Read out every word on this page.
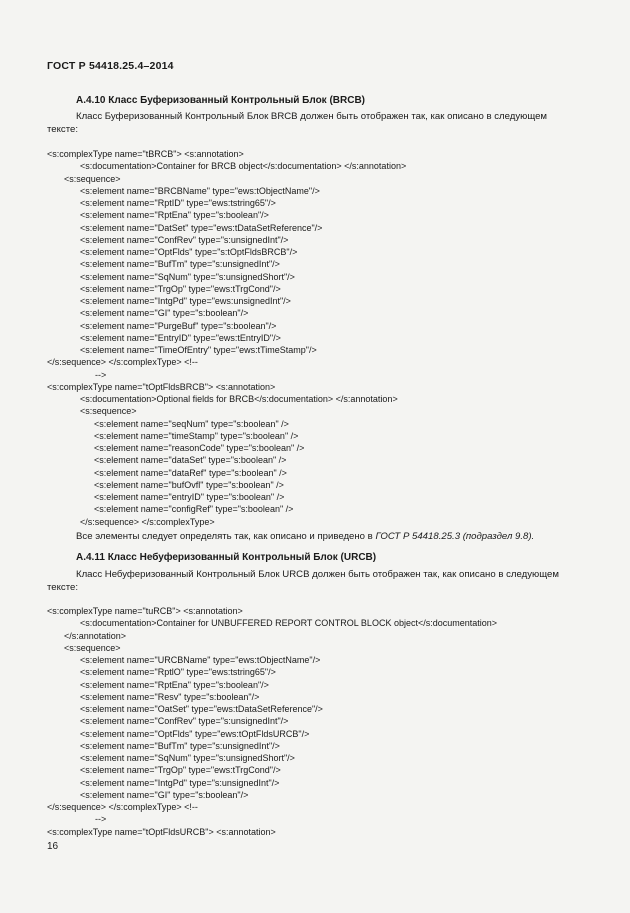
ГОСТ Р 54418.25.4–2014
А.4.10 Класс Буферизованный Контрольный Блок (BRCB)
Класс Буферизованный Контрольный Блок BRCB должен быть отображен так, как описано в следующем
тексте:
<s:complexType name="tBRCB"> <s:annotation>
<s:documentation>Container for BRCB object</s:documentation> </s:annotation>
<s:sequence>
<s:element name="BRCBName" type="ews:tObjectName"/>
<s:element name="RptID" type="ews:tstring65"/>
<s:element name="RptEna" type="s:boolean"/>
<s:element name="DatSet" type="ews:tDataSetReference"/>
<s:element name="ConfRev" type="s:unsignedInt"/>
<s:element name="OptFlds" type="s:tOptFldsBRCB"/>
<s:element name="BufTm" type="s:unsignedInt"/>
<s:element name="SqNum" type="s:unsignedShort"/>
<s:element name="TrgOp" type="ews:tTrgCond"/>
<s:element name="IntgPd" type="ews:unsignedInt"/>
<s:element name="GI" type="s:boolean"/>
<s:element name="PurgeBuf" type="s:boolean"/>
<s:element name="EntryID" type="ews:tEntryID"/>
<s:element name="TimeOfEntry" type="ews:tTimeStamp"/>
</s:sequence> </s:complexType> <!--
-->
<s:complexType name="tOptFldsBRCB"> <s:annotation>
<s:documentation>Optional fields for BRCB</s:documentation> </s:annotation>
<s:sequence>
<s:element name="seqNum" type="s:boolean" />
<s:element name="timeStamp" type="s:boolean" />
<s:element name="reasonCode" type="s:boolean" />
<s:element name="dataSet" type="s:boolean" />
<s:element name="dataRef" type="s:boolean" />
<s:element name="bufOvfl" type="s:boolean" />
<s:element name="entryID" type="s:boolean" />
<s:element name="configRef" type="s:boolean" />
</s:sequence> </s:complexType>
Все элементы следует определять так, как описано и приведено в ГОСТ Р 54418.25.3 (подраздел 9.8).
А.4.11 Класс Небуферизованный Контрольный Блок (URCB)
Класс Небуферизованный Контрольный Блок URCB должен быть отображен так, как описано в следующем
тексте:
<s:complexType name="tuRCB"> <s:annotation>
<s:documentation>Container for UNBUFFERED REPORT CONTROL BLOCK object</s:documentation>
</s:annotation>
<s:sequence>
<s:element name="URCBName" type="ews:tObjectName"/>
<s:element name="RptlO" type="ews:tstring65"/>
<s:element name="RptEna" type="s:boolean"/>
<s:element name="Resv" type="s:boolean"/>
<s:element name="OatSet" type="ews:tDataSetReference"/>
<s:element name="ConfRev" type="s:unsignedInt"/>
<s:element name="OptFlds" type="ews:tOptFldsURCB"/>
<s:element name="BufTm" type="s:unsignedInt"/>
<s:element name="SqNum" type="s:unsignedShort"/>
<s:element name="TrgOp" type="ews:tTrgCond"/>
<s:element name="IntgPd" type="s:unsignedInt"/>
<s:element name="GI" type="s:boolean"/>
</s:sequence> </s:complexType> <!--
-->
<s:complexType name="tOptFldsURCB"> <s:annotation>
16
